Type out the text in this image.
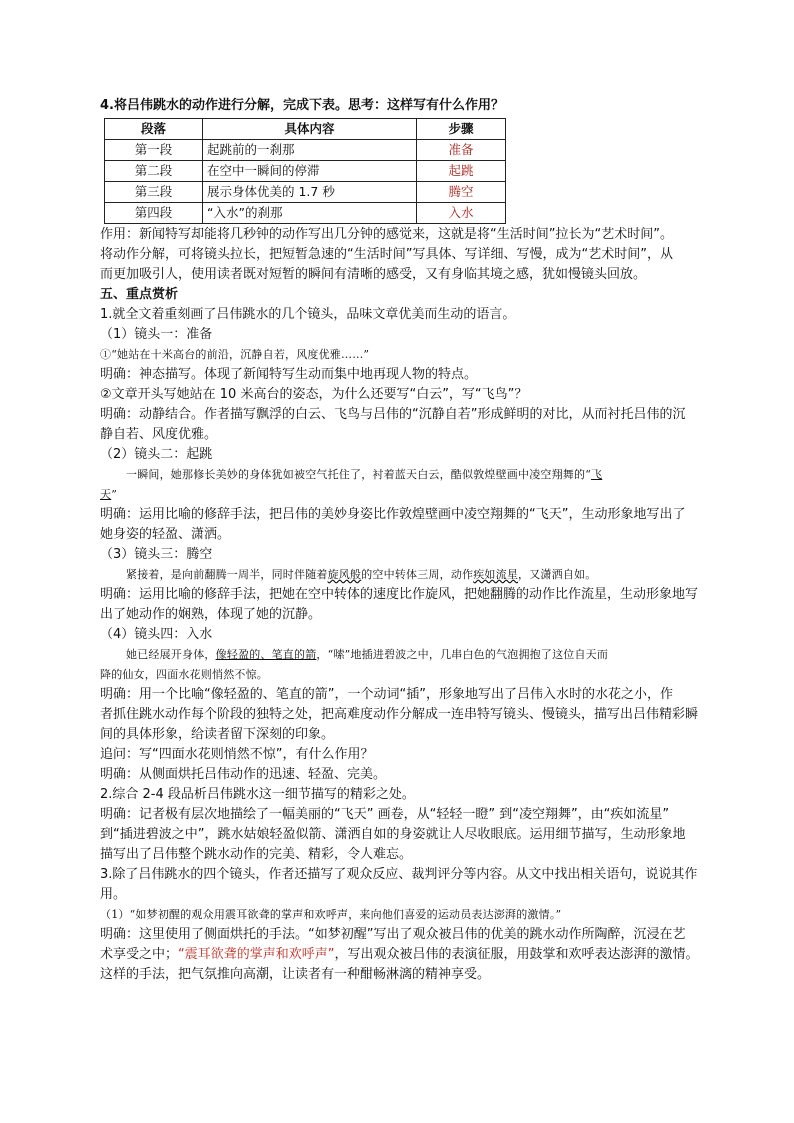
4.将吕伟跳水的动作进行分解，完成下表。思考：这样写有什么作用？
段落	具体内容	步骤
第一段	起跳前的一刹那	准备
第二段	在空中一瞬间的停滞	起跳
第三段	展示身体优美的 1.7 秒	腾空
第四段	“入水”的刹那	入水
作用：新闻特写却能将几秒钟的动作写出几分钟的感觉来，这就是将“生活时间”拉长为“艺术时间”。
将动作分解，可将镜头拉长，把短暂急速的“生活时间”写具体、写详细、写慢，成为“艺术时间”，从
而更加吸引人，使用读者既对短暂的瞬间有清晰的感受，又有身临其境之感，犹如慢镜头回放。
五、重点赏析
1.就全文着重刻画了吕伟跳水的几个镜头，品味文章优美而生动的语言。
（1）镜头一：准备
①“她站在十米高台的前沿，沉静自若，风度优雅……”
明确：神态描写。体现了新闻特写生动而集中地再现人物的特点。
②文章开头写她站在 10 米高台的姿态，为什么还要写“白云”，写“飞鸟”？
明确：动静结合。作者描写飘浮的白云、飞鸟与吕伟的“沉静自若”形成鲜明的对比，从而衬托吕伟的沉
静自若、风度优雅。
（2）镜头二：起跳
一瞬间，她那修长美妙的身体犹如被空气托住了，衬着蓝天白云，酷似敦煌壁画中凌空翔舞的“飞
天”
明确：运用比喻的修辞手法，把吕伟的美妙身姿比作敦煌壁画中凌空翔舞的“飞天”，生动形象地写出了
她身姿的轻盈、潇洒。
（3）镜头三：腾空
紧接着，是向前翻腾一周半，同时伴随着旋风般的空中转体三周，动作疾如流星，又潇洒自如。
明确：运用比喻的修辞手法，把她在空中转体的速度比作旋风，把她翻腾的动作比作流星，生动形象地写
出了她动作的娴熟，体现了她的沉静。
（4）镜头四：入水
她已经展开身体，像轻盈的、笔直的箭，“嗦”地插进碧波之中，几串白色的气泡拥抱了这位自天而
降的仙女，四面水花则悄然不惊。
明确：用一个比喻“像轻盈的、笔直的箭”，一个动词“插”，形象地写出了吕伟入水时的水花之小，作
者抓住跳水动作每个阶段的独特之处，把高难度动作分解成一连串特写镜头、慢镜头，描写出吕伟精彩瞬
间的具体形象，给读者留下深刻的印象。
追问：写“四面水花则悄然不惊”，有什么作用？
明确：从侧面烘托吕伟动作的迅速、轻盈、完美。
2.综合 2-4 段品析吕伟跳水这一细节描写的精彩之处。
明确：记者极有层次地描绘了一幅美丽的“飞天” 画卷，从“轻轻一瞪” 到“凌空翔舞”，由“疾如流星”
到“插进碧波之中”，跳水姑娘轻盈似箭、潇洒自如的身姿就让人尽收眼底。运用细节描写，生动形象地
描写出了吕伟整个跳水动作的完美、精彩，令人难忘。
3.除了吕伟跳水的四个镜头，作者还描写了观众反应、裁判评分等内容。从文中找出相关语句，说说其作
用。
（1）“如梦初醒的观众用震耳欲聋的掌声和欢呼声，来向他们喜爱的运动员表达澎湃的激情。”
明确：这里使用了侧面烘托的手法。“如梦初醒”写出了观众被吕伟的优美的跳水动作所陶醉，沉浸在艺
术享受之中；“震耳欲聋的掌声和欢呼声”，写出观众被吕伟的表演征服，用鼓掌和欢呼表达澎湃的激情。
这样的手法，把气氛推向高潮，让读者有一种酣畅淋漓的精神享受。
